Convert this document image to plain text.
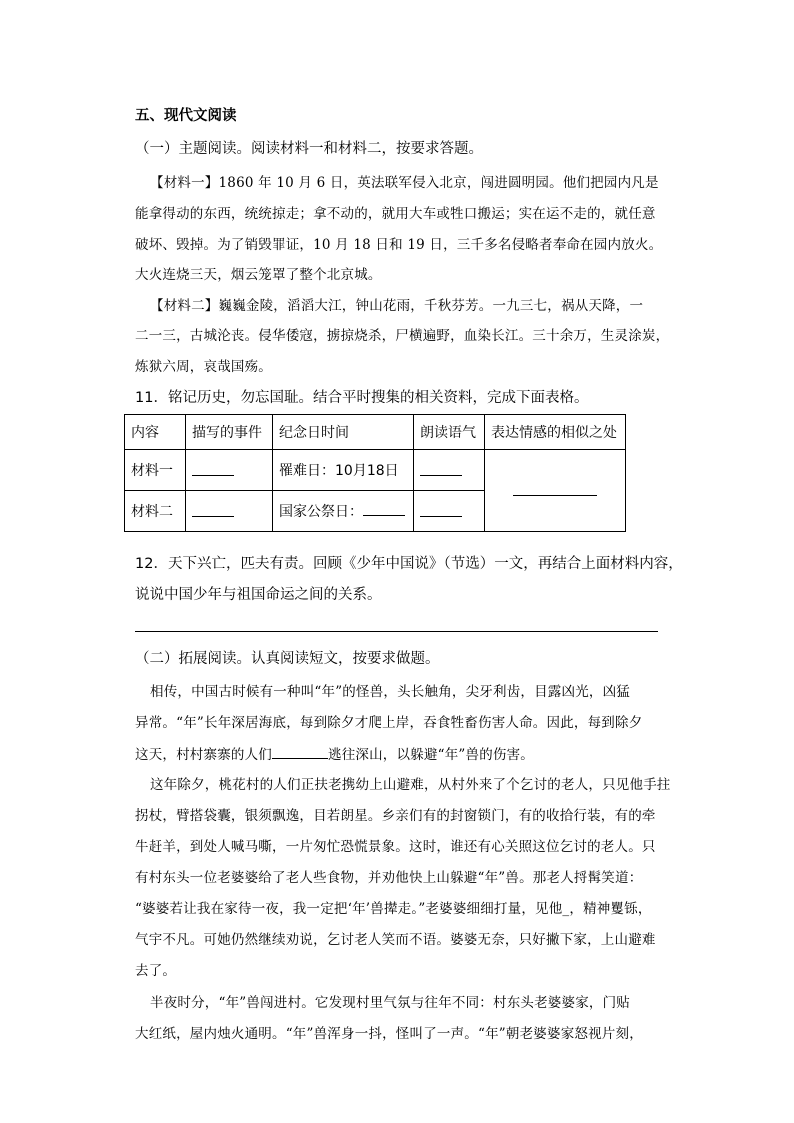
五、现代文阅读
（一）主题阅读。阅读材料一和材料二，按要求答题。
【材料一】1860 年 10 月 6 日，英法联军侵入北京，闯进圆明园。他们把园内凡是
能拿得动的东西，统统掠走；拿不动的，就用大车或牲口搬运；实在运不走的，就任意
破坏、毁掉。为了销毁罪证，10 月 18 日和 19 日，三千多名侵略者奉命在园内放火。
大火连烧三天，烟云笼罩了整个北京城。
【材料二】巍巍金陵，滔滔大江，钟山花雨，千秋芬芳。一九三七，祸从天降，一
二一三，古城沦丧。侵华倭寇，掳掠烧杀，尸横遍野，血染长江。三十余万，生灵涂炭，
炼狱六周，哀哉国殇。
11．铭记历史，勿忘国耻。结合平时搜集的相关资料，完成下面表格。
内容	描写的事件	纪念日时间	朗读语气	表达情感的相似之处
材料一		罹难日：10月18日		
材料二		国家公祭日：		
12．天下兴亡，匹夫有责。回顾《少年中国说》（节选）一文，再结合上面材料内容，
说说中国少年与祖国命运之间的关系。
（二）拓展阅读。认真阅读短文，按要求做题。
相传，中国古时候有一种叫“年”的怪兽，头长触角，尖牙利齿，目露凶光，凶猛
异常。“年”长年深居海底，每到除夕才爬上岸，吞食牲畜伤害人命。因此，每到除夕
这天，村村寨寨的人们	逃往深山，以躲避“年”兽的伤害。
这年除夕，桃花村的人们正扶老携幼上山避难，从村外来了个乞讨的老人，只见他手拄
拐杖，臂搭袋囊，银须飘逸，目若朗星。乡亲们有的封窗锁门，有的收拾行装，有的牵
牛赶羊，到处人喊马嘶，一片匆忙恐慌景象。这时，谁还有心关照这位乞讨的老人。只
有村东头一位老婆婆给了老人些食物，并劝他快上山躲避“年”兽。那老人捋髯笑道：
“婆婆若让我在家待一夜，我一定把‘年’兽撵走。”老婆婆细细打量，见他_，精神矍铄，
气宇不凡。可她仍然继续劝说，乞讨老人笑而不语。婆婆无奈，只好撇下家，上山避难
去了。
半夜时分，“年”兽闯进村。它发现村里气氛与往年不同：村东头老婆婆家，门贴
大红纸，屋内烛火通明。“年”兽浑身一抖，怪叫了一声。“年”朝老婆婆家怒视片刻，
